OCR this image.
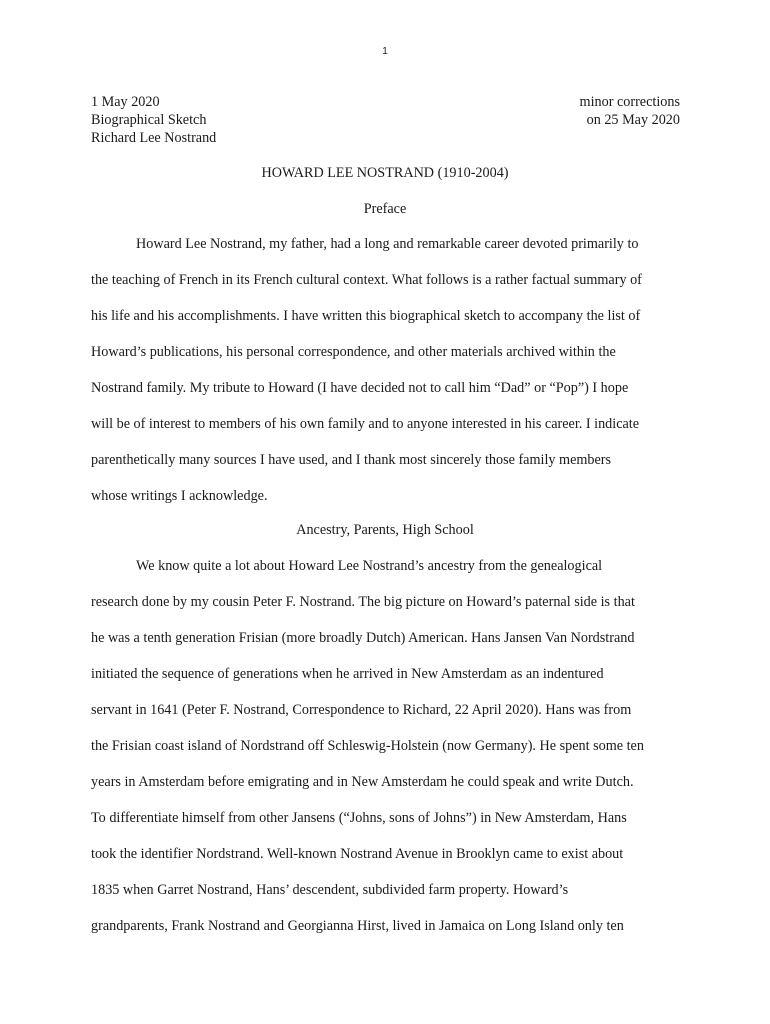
1
1 May 2020
Biographical Sketch
Richard Lee Nostrand
minor corrections
on 25 May 2020
HOWARD LEE NOSTRAND (1910-2004)
Preface
Howard Lee Nostrand, my father, had a long and remarkable career devoted primarily to
the teaching of French in its French cultural context. What follows is a rather factual summary of
his life and his accomplishments. I have written this biographical sketch to accompany the list of
Howard’s publications, his personal correspondence, and other materials archived within the
Nostrand family. My tribute to Howard (I have decided not to call him “Dad” or “Pop”) I hope
will be of interest to members of his own family and to anyone interested in his career. I indicate
parenthetically many sources I have used, and I thank most sincerely those family members
whose writings I acknowledge.
Ancestry, Parents, High School
We know quite a lot about Howard Lee Nostrand’s ancestry from the genealogical
research done by my cousin Peter F. Nostrand. The big picture on Howard’s paternal side is that
he was a tenth generation Frisian (more broadly Dutch) American. Hans Jansen Van Nordstrand
initiated the sequence of generations when he arrived in New Amsterdam as an indentured
servant in 1641 (Peter F. Nostrand, Correspondence to Richard, 22 April 2020). Hans was from
the Frisian coast island of Nordstrand off Schleswig-Holstein (now Germany). He spent some ten
years in Amsterdam before emigrating and in New Amsterdam he could speak and write Dutch.
To differentiate himself from other Jansens (“Johns, sons of Johns”) in New Amsterdam, Hans
took the identifier Nordstrand. Well-known Nostrand Avenue in Brooklyn came to exist about
1835 when Garret Nostrand, Hans’ descendent, subdivided farm property. Howard’s
grandparents, Frank Nostrand and Georgianna Hirst, lived in Jamaica on Long Island only ten
